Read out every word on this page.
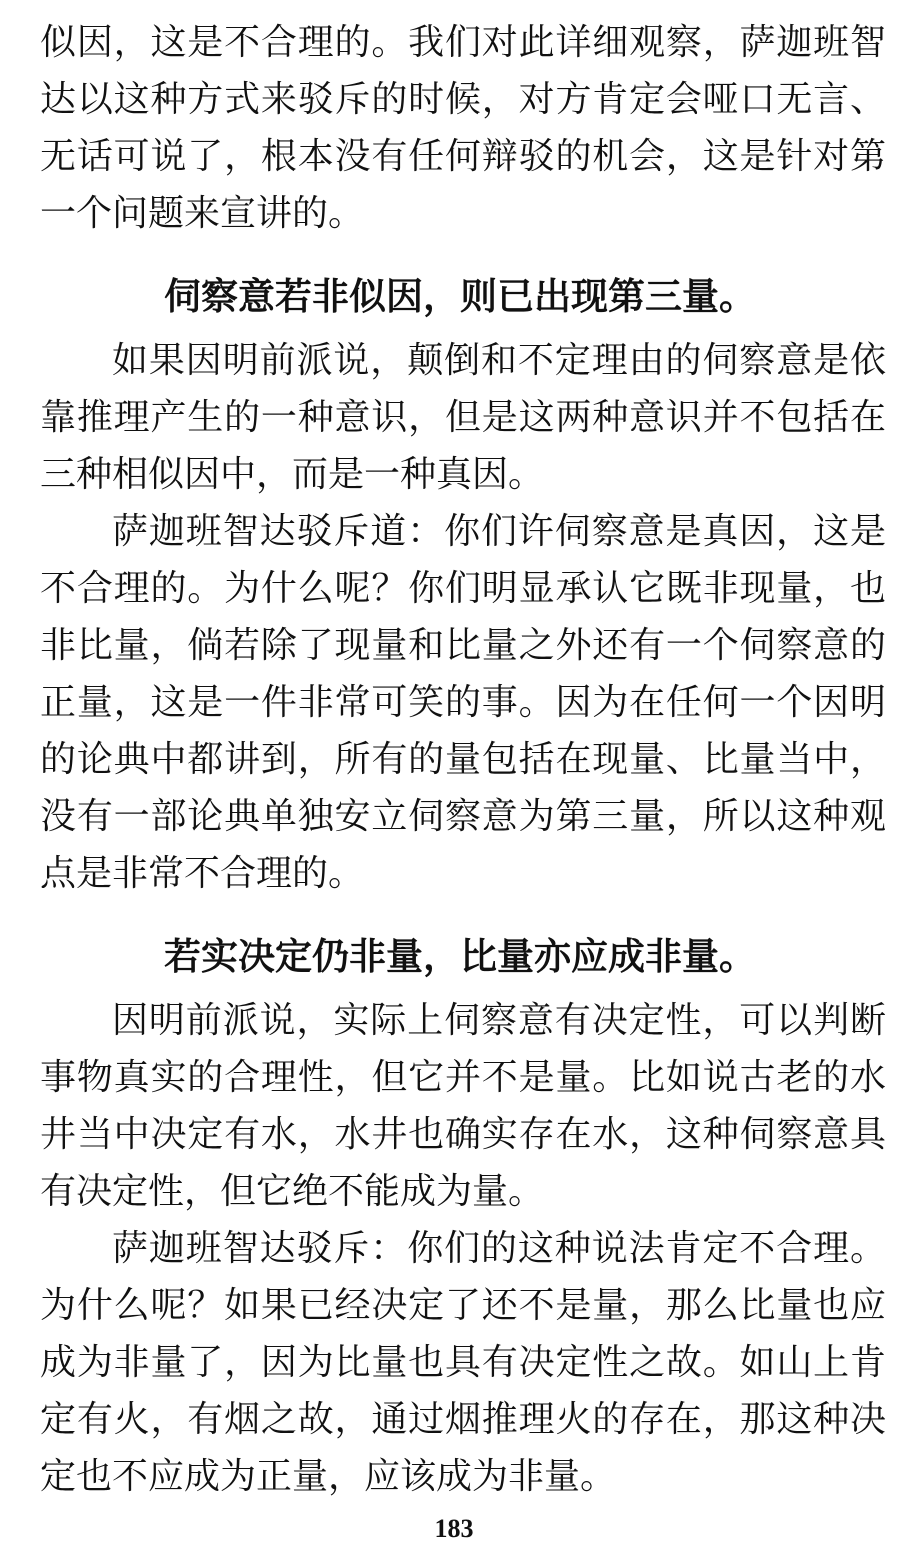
似因，这是不合理的。我们对此详细观察，萨迦班智
达以这种方式来驳斥的时候，对方肯定会哑口无言、
无话可说了，根本没有任何辩驳的机会，这是针对第
一个问题来宣讲的。
伺察意若非似因，则已出现第三量。
如果因明前派说，颠倒和不定理由的伺察意是依
靠推理产生的一种意识，但是这两种意识并不包括在
三种相似因中，而是一种真因。
萨迦班智达驳斥道：你们许伺察意是真因，这是
不合理的。为什么呢？你们明显承认它既非现量，也
非比量，倘若除了现量和比量之外还有一个伺察意的
正量，这是一件非常可笑的事。因为在任何一个因明
的论典中都讲到，所有的量包括在现量、比量当中，
没有一部论典单独安立伺察意为第三量，所以这种观
点是非常不合理的。
若实决定仍非量，比量亦应成非量。
因明前派说，实际上伺察意有决定性，可以判断
事物真实的合理性，但它并不是量。比如说古老的水
井当中决定有水，水井也确实存在水，这种伺察意具
有决定性，但它绝不能成为量。
萨迦班智达驳斥：你们的这种说法肯定不合理。
为什么呢？如果已经决定了还不是量，那么比量也应
成为非量了，因为比量也具有决定性之故。如山上肯
定有火，有烟之故，通过烟推理火的存在，那这种决
定也不应成为正量，应该成为非量。
183
